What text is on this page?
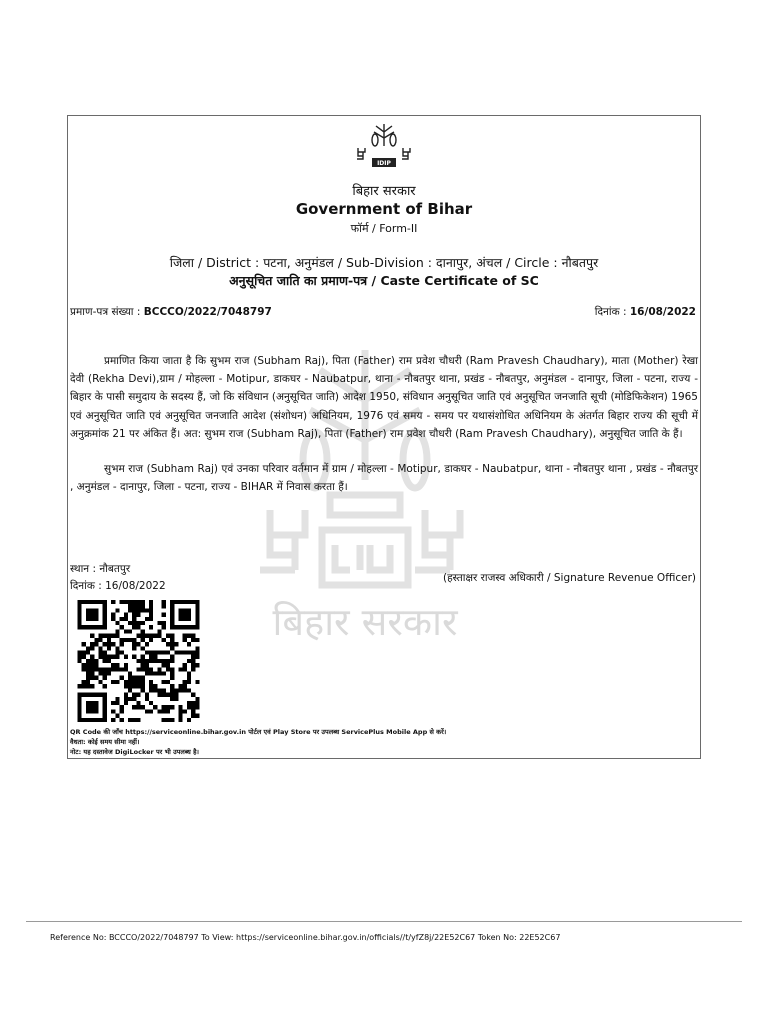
बिहार सरकार
IDIP
बिहार सरकार
Government of Bihar
फॉर्म / Form-II
जिला / District : पटना, अनुमंडल / Sub-Division : दानापुर, अंचल / Circle : नौबतपुर
अनुसूचित जाति का प्रमाण-पत्र / Caste Certificate of SC
प्रमाण-पत्र संख्या : BCCCO/2022/7048797	दिनांक : 16/08/2022
प्रमाणित किया जाता है कि सुभम राज (Subham Raj), पिता (Father) राम प्रवेश चौधरी (Ram Pravesh Chaudhary), माता (Mother) रेखा देवी (Rekha Devi),ग्राम / मोहल्ला - Motipur, डाकघर - Naubatpur, थाना - नौबतपुर थाना, प्रखंड - नौबतपुर, अनुमंडल - दानापुर, जिला - पटना, राज्य - बिहार के पासी समुदाय के सदस्य हैं, जो कि संविधान (अनुसूचित जाति) आदेश 1950, संविधान अनुसूचित जाति एवं अनुसूचित जनजाति सूची (मोडिफिकेशन) 1965 एवं अनुसूचित जाति एवं अनुसूचित जनजाति आदेश (संशोधन) अधिनियम, 1976 एवं समय - समय पर यथासंशोधित अधिनियम के अंतर्गत बिहार राज्य की सूची में अनुक्रमांक 21 पर अंकित हैं। अत: सुभम राज (Subham Raj), पिता (Father) राम प्रवेश चौधरी (Ram Pravesh Chaudhary), अनुसूचित जाति के हैं।
सुभम राज (Subham Raj) एवं उनका परिवार वर्तमान में ग्राम / मोहल्ला - Motipur, डाकघर - Naubatpur, थाना - नौबतपुर थाना , प्रखंड - नौबतपुर , अनुमंडल - दानापुर, जिला - पटना, राज्य - BIHAR में निवास करता हैं।
स्थान : नौबतपुर
दिनांक : 16/08/2022
(हस्ताक्षर राजस्व अधिकारी / Signature Revenue Officer)
QR Code की जाँच https://serviceonline.bihar.gov.in पोर्टल एवं Play Store पर उपलब्ध ServicePlus Mobile App से करें।
वैधता: कोई समय सीमा नहीं।
नोट: यह दस्तावेज DigiLocker पर भी उपलब्ध है।
Reference No: BCCCO/2022/7048797 To View: https://serviceonline.bihar.gov.in/officials//t/yfZ8j/22E52C67 Token No: 22E52C67
